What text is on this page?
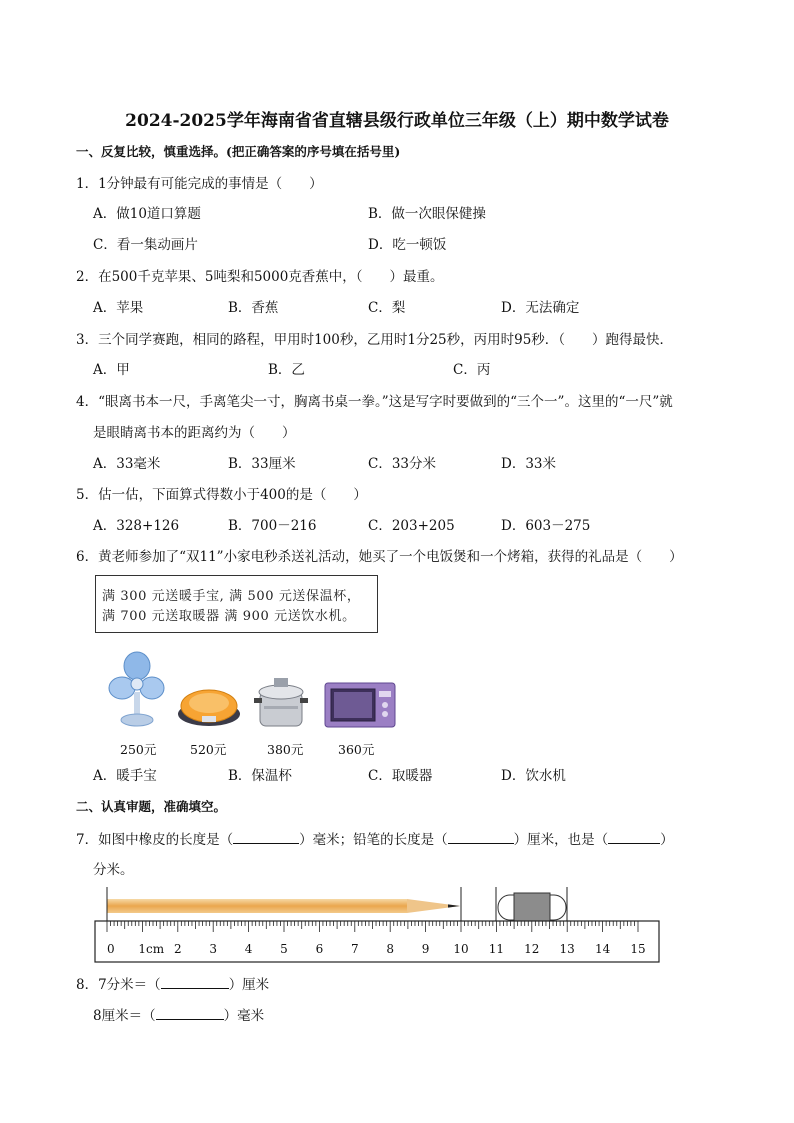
2024-2025学年海南省省直辖县级行政单位三年级（上）期中数学试卷
一、反复比较，慎重选择。(把正确答案的序号填在括号里)
1．1分钟最有可能完成的事情是（　　）
A．做10道口算题	B．做一次眼保健操
C．看一集动画片	D．吃一顿饭
2．在500千克苹果、5吨梨和5000克香蕉中，（　　）最重。
A．苹果	B．香蕉	C．梨	D．无法确定
3．三个同学赛跑，相同的路程，甲用时100秒，乙用时1分25秒，丙用时95秒．（　　）跑得最快．
A．甲	B．乙	C．丙
4．“眼离书本一尺，手离笔尖一寸，胸离书桌一拳。”这是写字时要做到的“三个一”。这里的“一尺”就
是眼睛离书本的距离约为（　　）
A．33毫米	B．33厘米	C．33分米	D．33米
5．估一估，下面算式得数小于400的是（　　）
A．328+126	B．700－216	C．203+205	D．603－275
6．黄老师参加了“双11”小家电秒杀送礼活动，她买了一个电饭煲和一个烤箱，获得的礼品是（　　）
满 300 元送暖手宝, 满 500 元送保温杯，
满 700 元送取暖器 满 900 元送饮水机。
250元	520元	380元	360元
A．暖手宝	B．保温杯	C．取暖器	D．饮水机
二、认真审题，准确填空。
7．如图中橡皮的长度是（	）毫米；铅笔的长度是（	）厘米，也是（	）
分米。
0 1cm 2 3 4 5 6 7 8 9 10 11 12 13 14 15
8．7分米＝（	）厘米
8厘米＝（	）毫米
